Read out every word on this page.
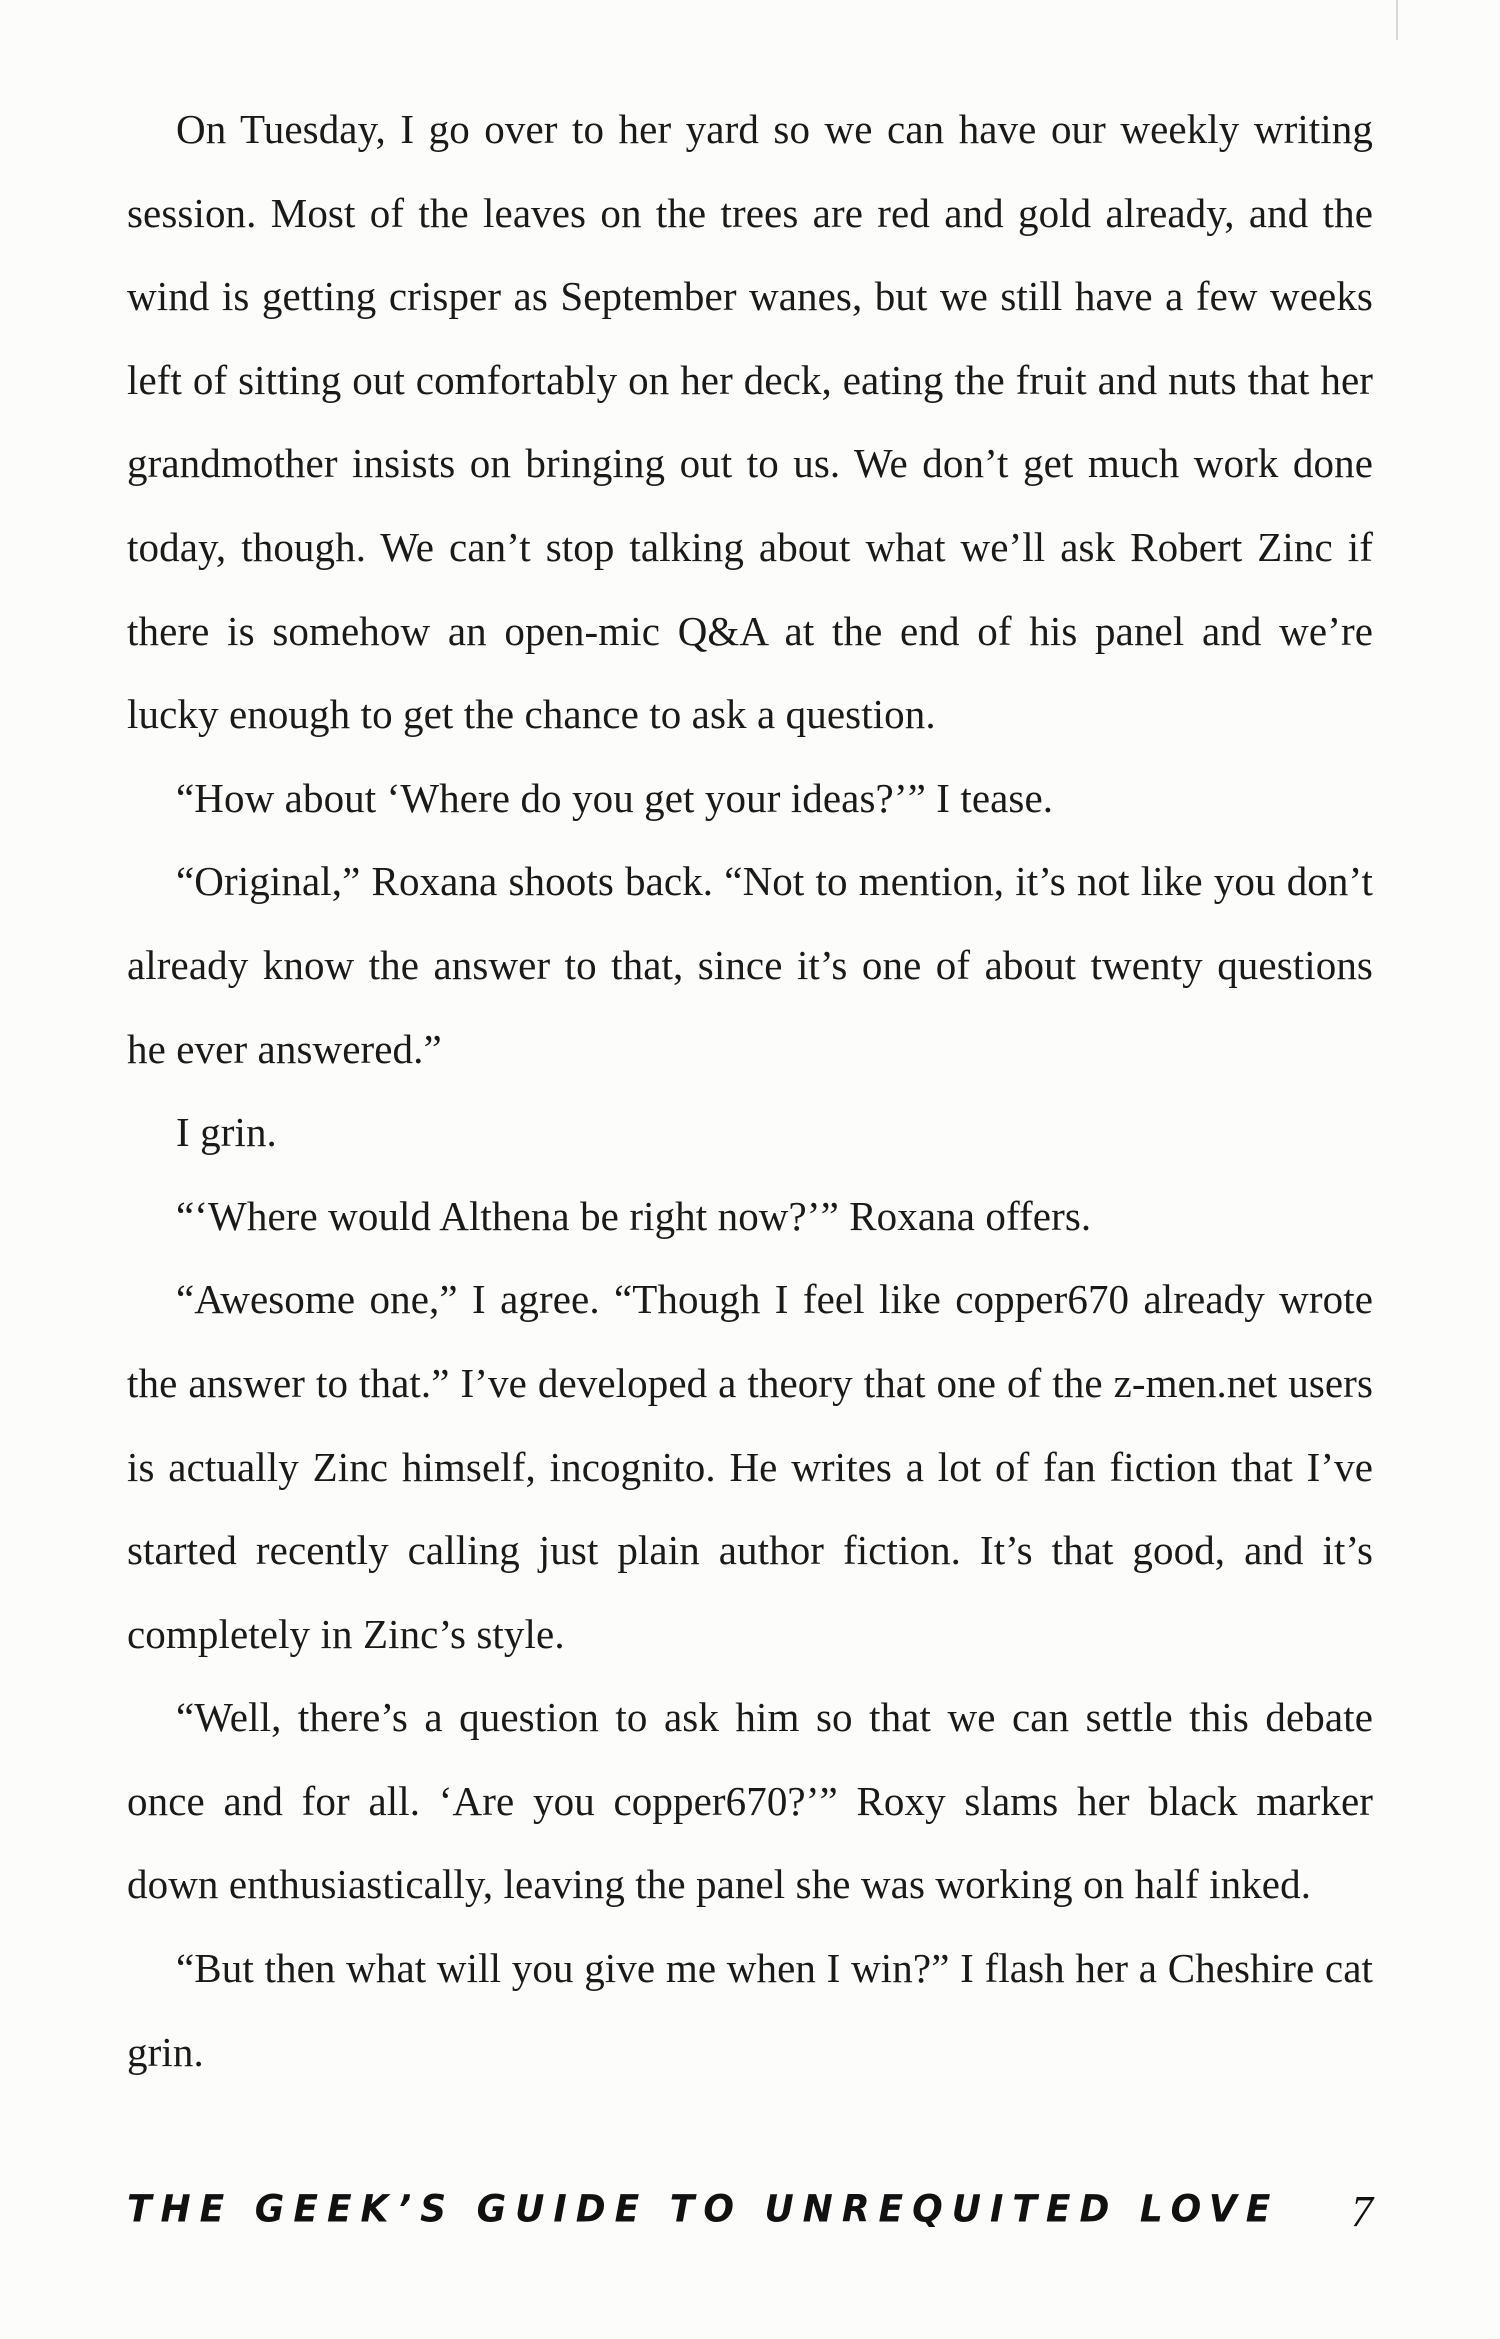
On Tuesday, I go over to her yard so we can have our weekly writing session. Most of the leaves on the trees are red and gold already, and the wind is getting crisper as September wanes, but we still have a few weeks left of sitting out comfortably on her deck, eating the fruit and nuts that her grandmother insists on bringing out to us. We don’t get much work done today, though. We can’t stop talking about what we’ll ask Robert Zinc if there is somehow an open-mic Q&A at the end of his panel and we’re lucky enough to get the chance to ask a question.

“How about ‘Where do you get your ideas?’” I tease.

“Original,” Roxana shoots back. “Not to mention, it’s not like you don’t already know the answer to that, since it’s one of about twenty questions he ever answered.”

I grin.

“‘Where would Althena be right now?’” Roxana offers.

“Awesome one,” I agree. “Though I feel like copper670 already wrote the answer to that.” I’ve developed a theory that one of the z-men.net users is actually Zinc himself, incognito. He writes a lot of fan fiction that I’ve started recently calling just plain author fiction. It’s that good, and it’s completely in Zinc’s style.

“Well, there’s a question to ask him so that we can settle this debate once and for all. ‘Are you copper670?’” Roxy slams her black marker down enthusiastically, leaving the panel she was working on half inked.

“But then what will you give me when I win?” I flash her a Cheshire cat grin.

THE GEEK’S GUIDE TO UNREQUITED LOVE 7
